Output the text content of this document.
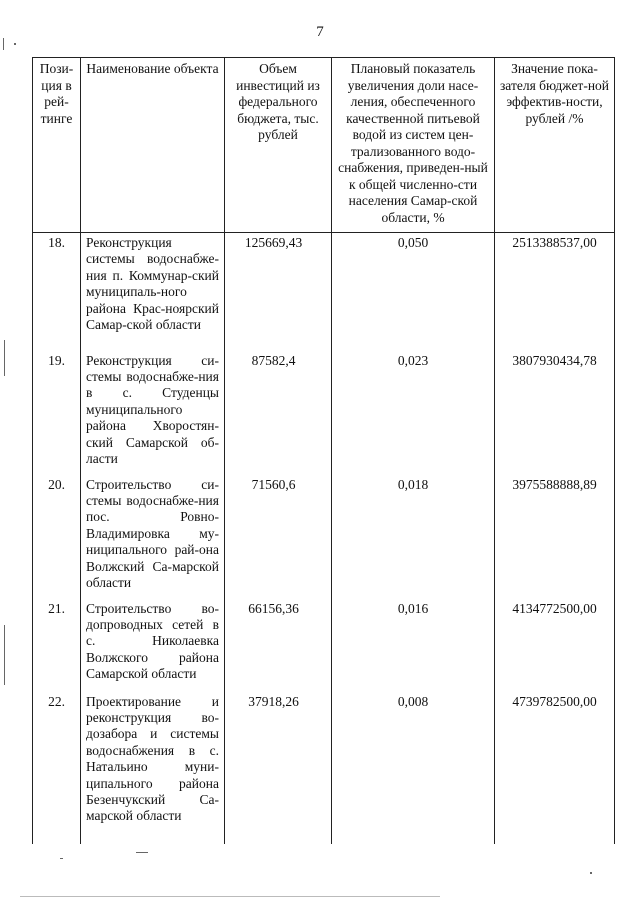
7
Пози-ция в рей-тинге	Наименование объекта	Объем инвестиций из федерального бюджета, тыс. рублей	Плановый показатель увеличения доли насе-ления, обеспеченного качественной питьевой водой из систем цен-трализованного водо-снабжения, приведен-ный к общей численно-сти населения Самар-ской области, %	Значение пока-зателя бюджет-ной эффектив-ности, рублей /%
18.	Реконструкция системы водоснабже-ния п. Коммунар-ский муниципаль-ного района Крас-ноярский Самар-ской области	125669,43	0,050	2513388537,00
19.	Реконструкция си-стемы водоснабже-ния в с. Студенцы муниципального района Хворостян-ский Самарской об-ласти	87582,4	0,023	3807930434,78
20.	Строительство си-стемы водоснабже-ния пос. Ровно-Владимировка му-ниципального рай-она Волжский Са-марской области	71560,6	0,018	3975588888,89
21.	Строительство во-допроводных сетей в с. Николаевка Волжского района Самарской области	66156,36	0,016	4134772500,00
22.	Проектирование и реконструкция во-дозабора и системы водоснабжения в с. Натальино муни-ципального района Безенчукский Са-марской области	37918,26	0,008	4739782500,00
